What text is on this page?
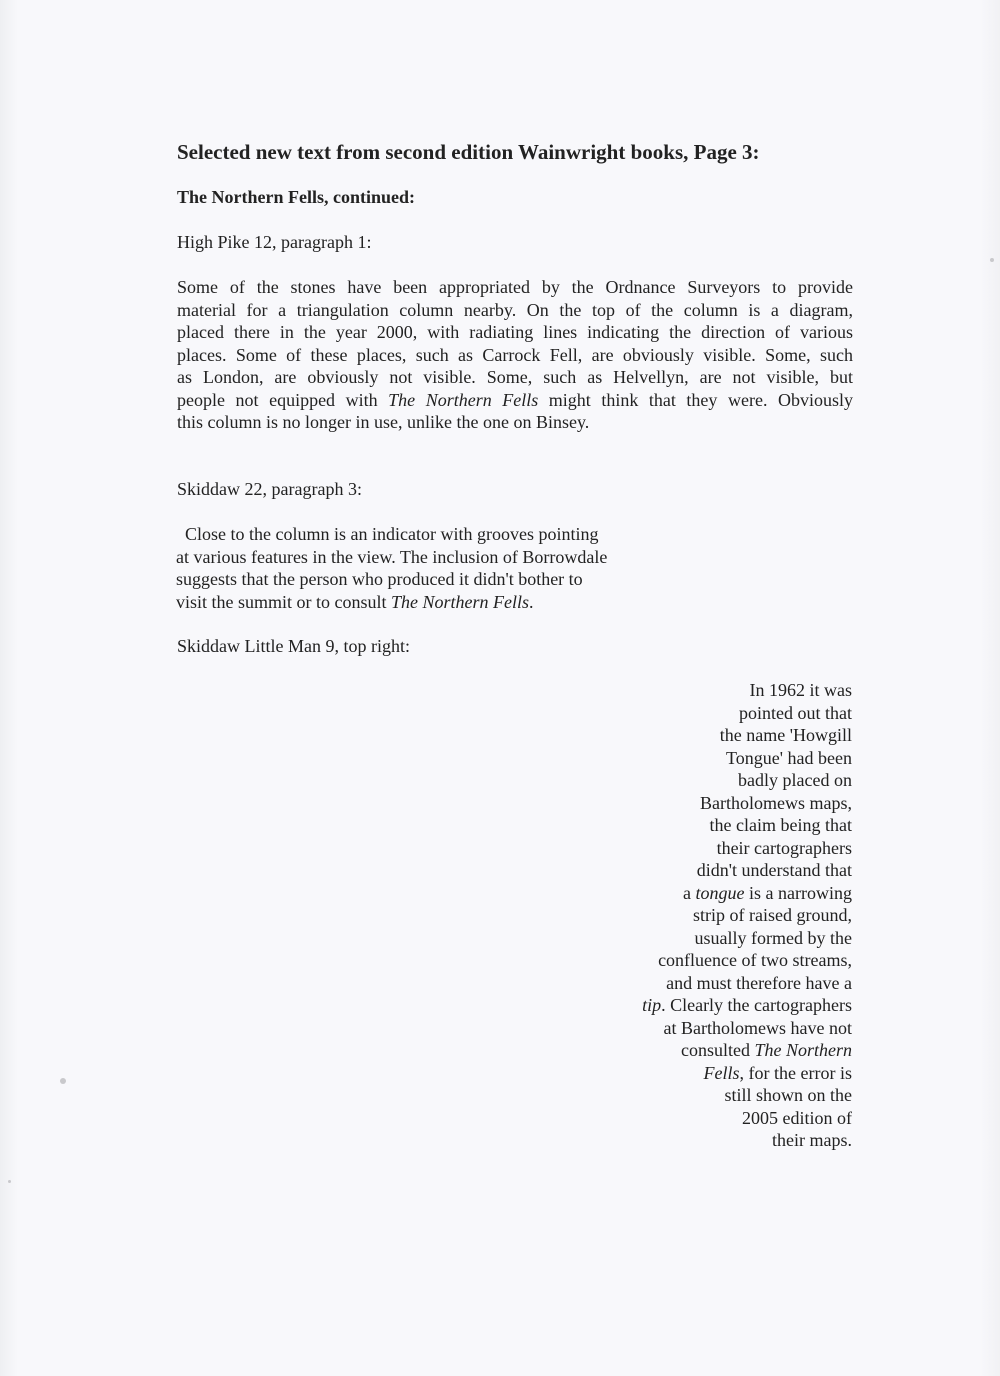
Selected new text from second edition Wainwright books, Page 3:
The Northern Fells, continued:

High Pike 12, paragraph 1:

Some of the stones have been appropriated by the Ordnance Surveyors to provide
material for a triangulation column nearby. On the top of the column is a diagram,
placed there in the year 2000, with radiating lines indicating the direction of various
places. Some of these places, such as Carrock Fell, are obviously visible. Some, such
as London, are obviously not visible. Some, such as Helvellyn, are not visible, but
people not equipped with The Northern Fells might think that they were. Obviously
this column is no longer in use, unlike the one on Binsey.

Skiddaw 22, paragraph 3:

Close to the column is an indicator with grooves pointing
at various features in the view. The inclusion of Borrowdale
suggests that the person who produced it didn't bother to
visit the summit or to consult The Northern Fells.

Skiddaw Little Man 9, top right:

In 1962 it was
pointed out that
the name 'Howgill
Tongue' had been
badly placed on
Bartholomews maps,
the claim being that
their cartographers
didn't understand that
a tongue is a narrowing
strip of raised ground,
usually formed by the
confluence of two streams,
and must therefore have a
tip. Clearly the cartographers
at Bartholomews have not
consulted The Northern
Fells, for the error is
still shown on the
2005 edition of
their maps.
